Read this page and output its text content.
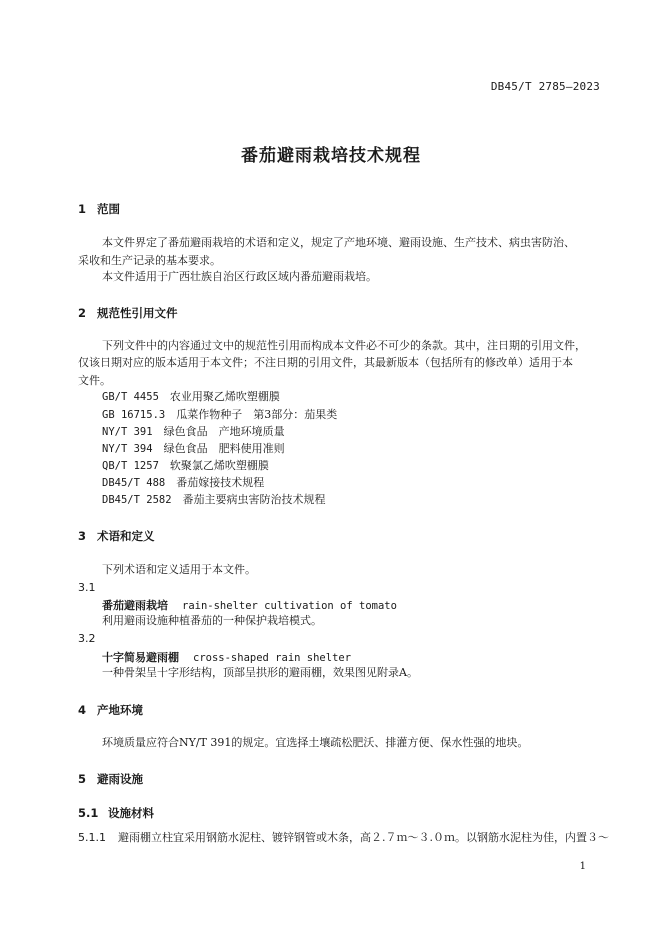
DB45/T 2785—2023
番茄避雨栽培技术规程
1 范围
本文件界定了番茄避雨栽培的术语和定义，规定了产地环境、避雨设施、生产技术、病虫害防治、
采收和生产记录的基本要求。
本文件适用于广西壮族自治区行政区域内番茄避雨栽培。
2 规范性引用文件
下列文件中的内容通过文中的规范性引用而构成本文件必不可少的条款。其中，注日期的引用文件，
仅该日期对应的版本适用于本文件；不注日期的引用文件，其最新版本（包括所有的修改单）适用于本
文件。
GB/T 4455　 农业用聚乙烯吹塑棚膜
GB 16715.3　 瓜菜作物种子　第3部分：茄果类
NY/T 391　 绿色食品　产地环境质量
NY/T 394　 绿色食品　肥料使用准则
QB/T 1257　 软聚氯乙烯吹塑棚膜
DB45/T 488　 番茄嫁接技术规程
DB45/T 2582　 番茄主要病虫害防治技术规程
3 术语和定义
下列术语和定义适用于本文件。
3.1
番茄避雨栽培 rain-shelter cultivation of tomato
利用避雨设施种植番茄的一种保护栽培模式。
3.2
十字简易避雨棚 cross-shaped rain shelter
一种骨架呈十字形结构，顶部呈拱形的避雨棚，效果图见附录A。
4 产地环境
环境质量应符合NY/T 391的规定。宜选择土壤疏松肥沃、排灌方便、保水性强的地块。
5 避雨设施
5.1 设施材料
5.1.1 避雨棚立柱宜采用钢筋水泥柱、镀锌钢管或木条，高２.７ｍ～３.０ｍ。以钢筋水泥柱为佳，内置３～
1
